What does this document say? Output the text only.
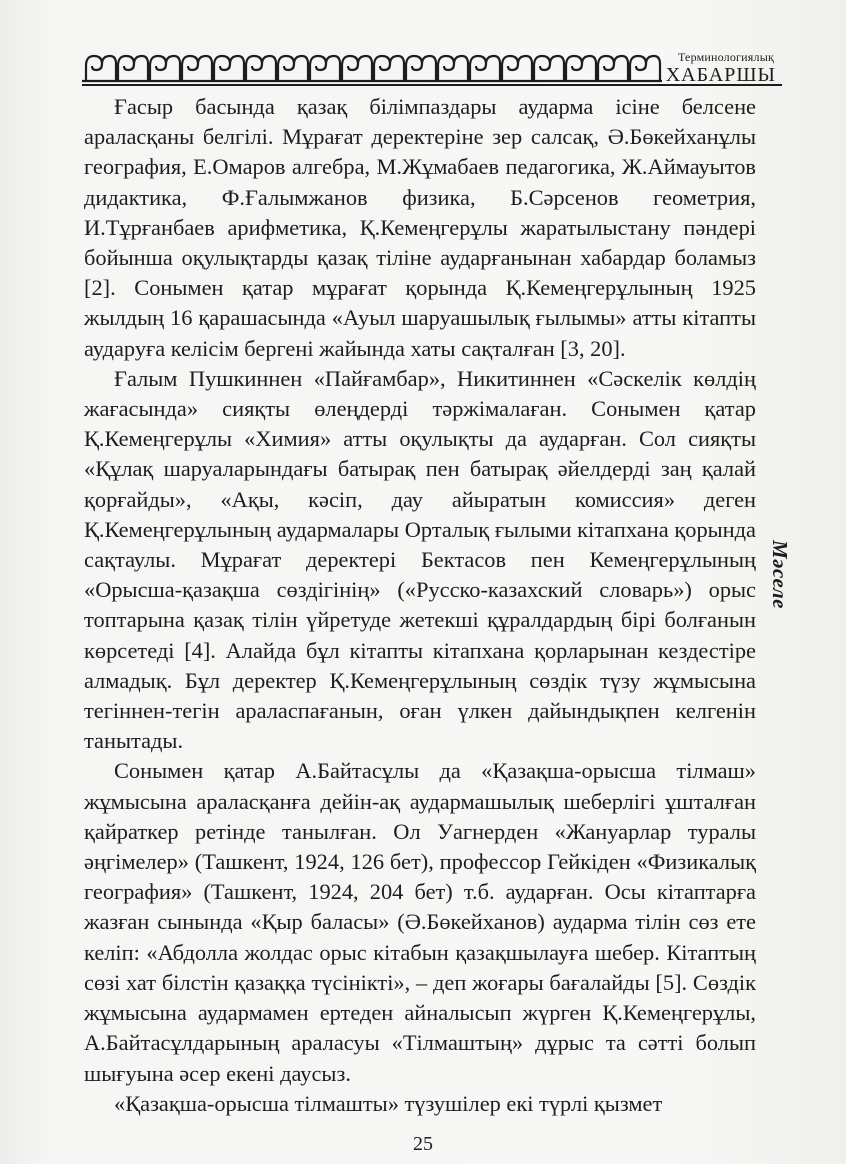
Терминологиялық
ХАБАРШЫ
Мәселе

Ғасыр басында қазақ білімпаздары аударма ісіне белсене араласқаны белгілі. Мұрағат деректеріне зер салсақ, Ә.Бөкейханұлы география, Е.Омаров алгебра, М.Жұмабаев педагогика, Ж.Аймауытов дидактика, Ф.Ғалымжанов физика, Б.Сәрсенов геометрия, И.Тұрғанбаев арифметика, Қ.Кемеңгерұлы жаратылыстану пәндері бойынша оқулықтарды қазақ тіліне аударғанынан хабардар боламыз [2]. Сонымен қатар мұрағат қорында Қ.Кемеңгерұлының 1925 жылдың 16 қарашасында «Ауыл шаруашылық ғылымы» атты кітапты аударуға келісім бергені жайында хаты сақталған [3, 20].

Ғалым Пушкиннен «Пайғамбар», Никитиннен «Сәскелік көлдің жағасында» сияқты өлеңдерді тәржімалаған. Сонымен қатар Қ.Кемеңгерұлы «Химия» атты оқулықты да аударған. Сол сияқты «Құлақ шаруаларындағы батырақ пен батырақ әйелдерді заң қалай қорғайды», «Ақы, кәсіп, дау айыратын комиссия» деген Қ.Кемеңгерұлының аудармалары Орталық ғылыми кітапхана қорында сақтаулы. Мұрағат деректері Бектасов пен Кемеңгерұлының «Орысша-қазақша сөздігінің» («Русско-казахский словарь») орыс топтарына қазақ тілін үйретуде жетекші құралдардың бірі болғанын көрсетеді [4]. Алайда бұл кітапты кітапхана қорларынан кездестіре алмадық. Бұл деректер Қ.Кемеңгерұлының сөздік түзу жұмысына тегіннен-тегін араласпағанын, оған үлкен дайындықпен келгенін танытады.

Сонымен қатар А.Байтасұлы да «Қазақша-орысша тілмаш» жұмысына араласқанға дейін-ақ аудармашылық шеберлігі ұшталған қайраткер ретінде танылған. Ол Уагнерден «Жануарлар туралы әңгімелер» (Ташкент, 1924, 126 бет), профессор Гейкіден «Физикалық география» (Ташкент, 1924, 204 бет) т.б. аударған. Осы кітаптарға жазған сынында «Қыр баласы» (Ә.Бөкейханов) аударма тілін сөз ете келіп: «Абдолла жолдас орыс кітабын қазақшылауға шебер. Кітаптың сөзі хат білстін қазаққа түсінікті», – деп жоғары бағалайды [5]. Сөздік жұмысына аудармамен ертеден айналысып жүрген Қ.Кемеңгерұлы, А.Байтасұлдарының араласуы «Тілмаштың» дұрыс та сәтті болып шығуына әсер екені даусыз.

«Қазақша-орысша тілмашты» түзушілер екі түрлі қызмет

25
